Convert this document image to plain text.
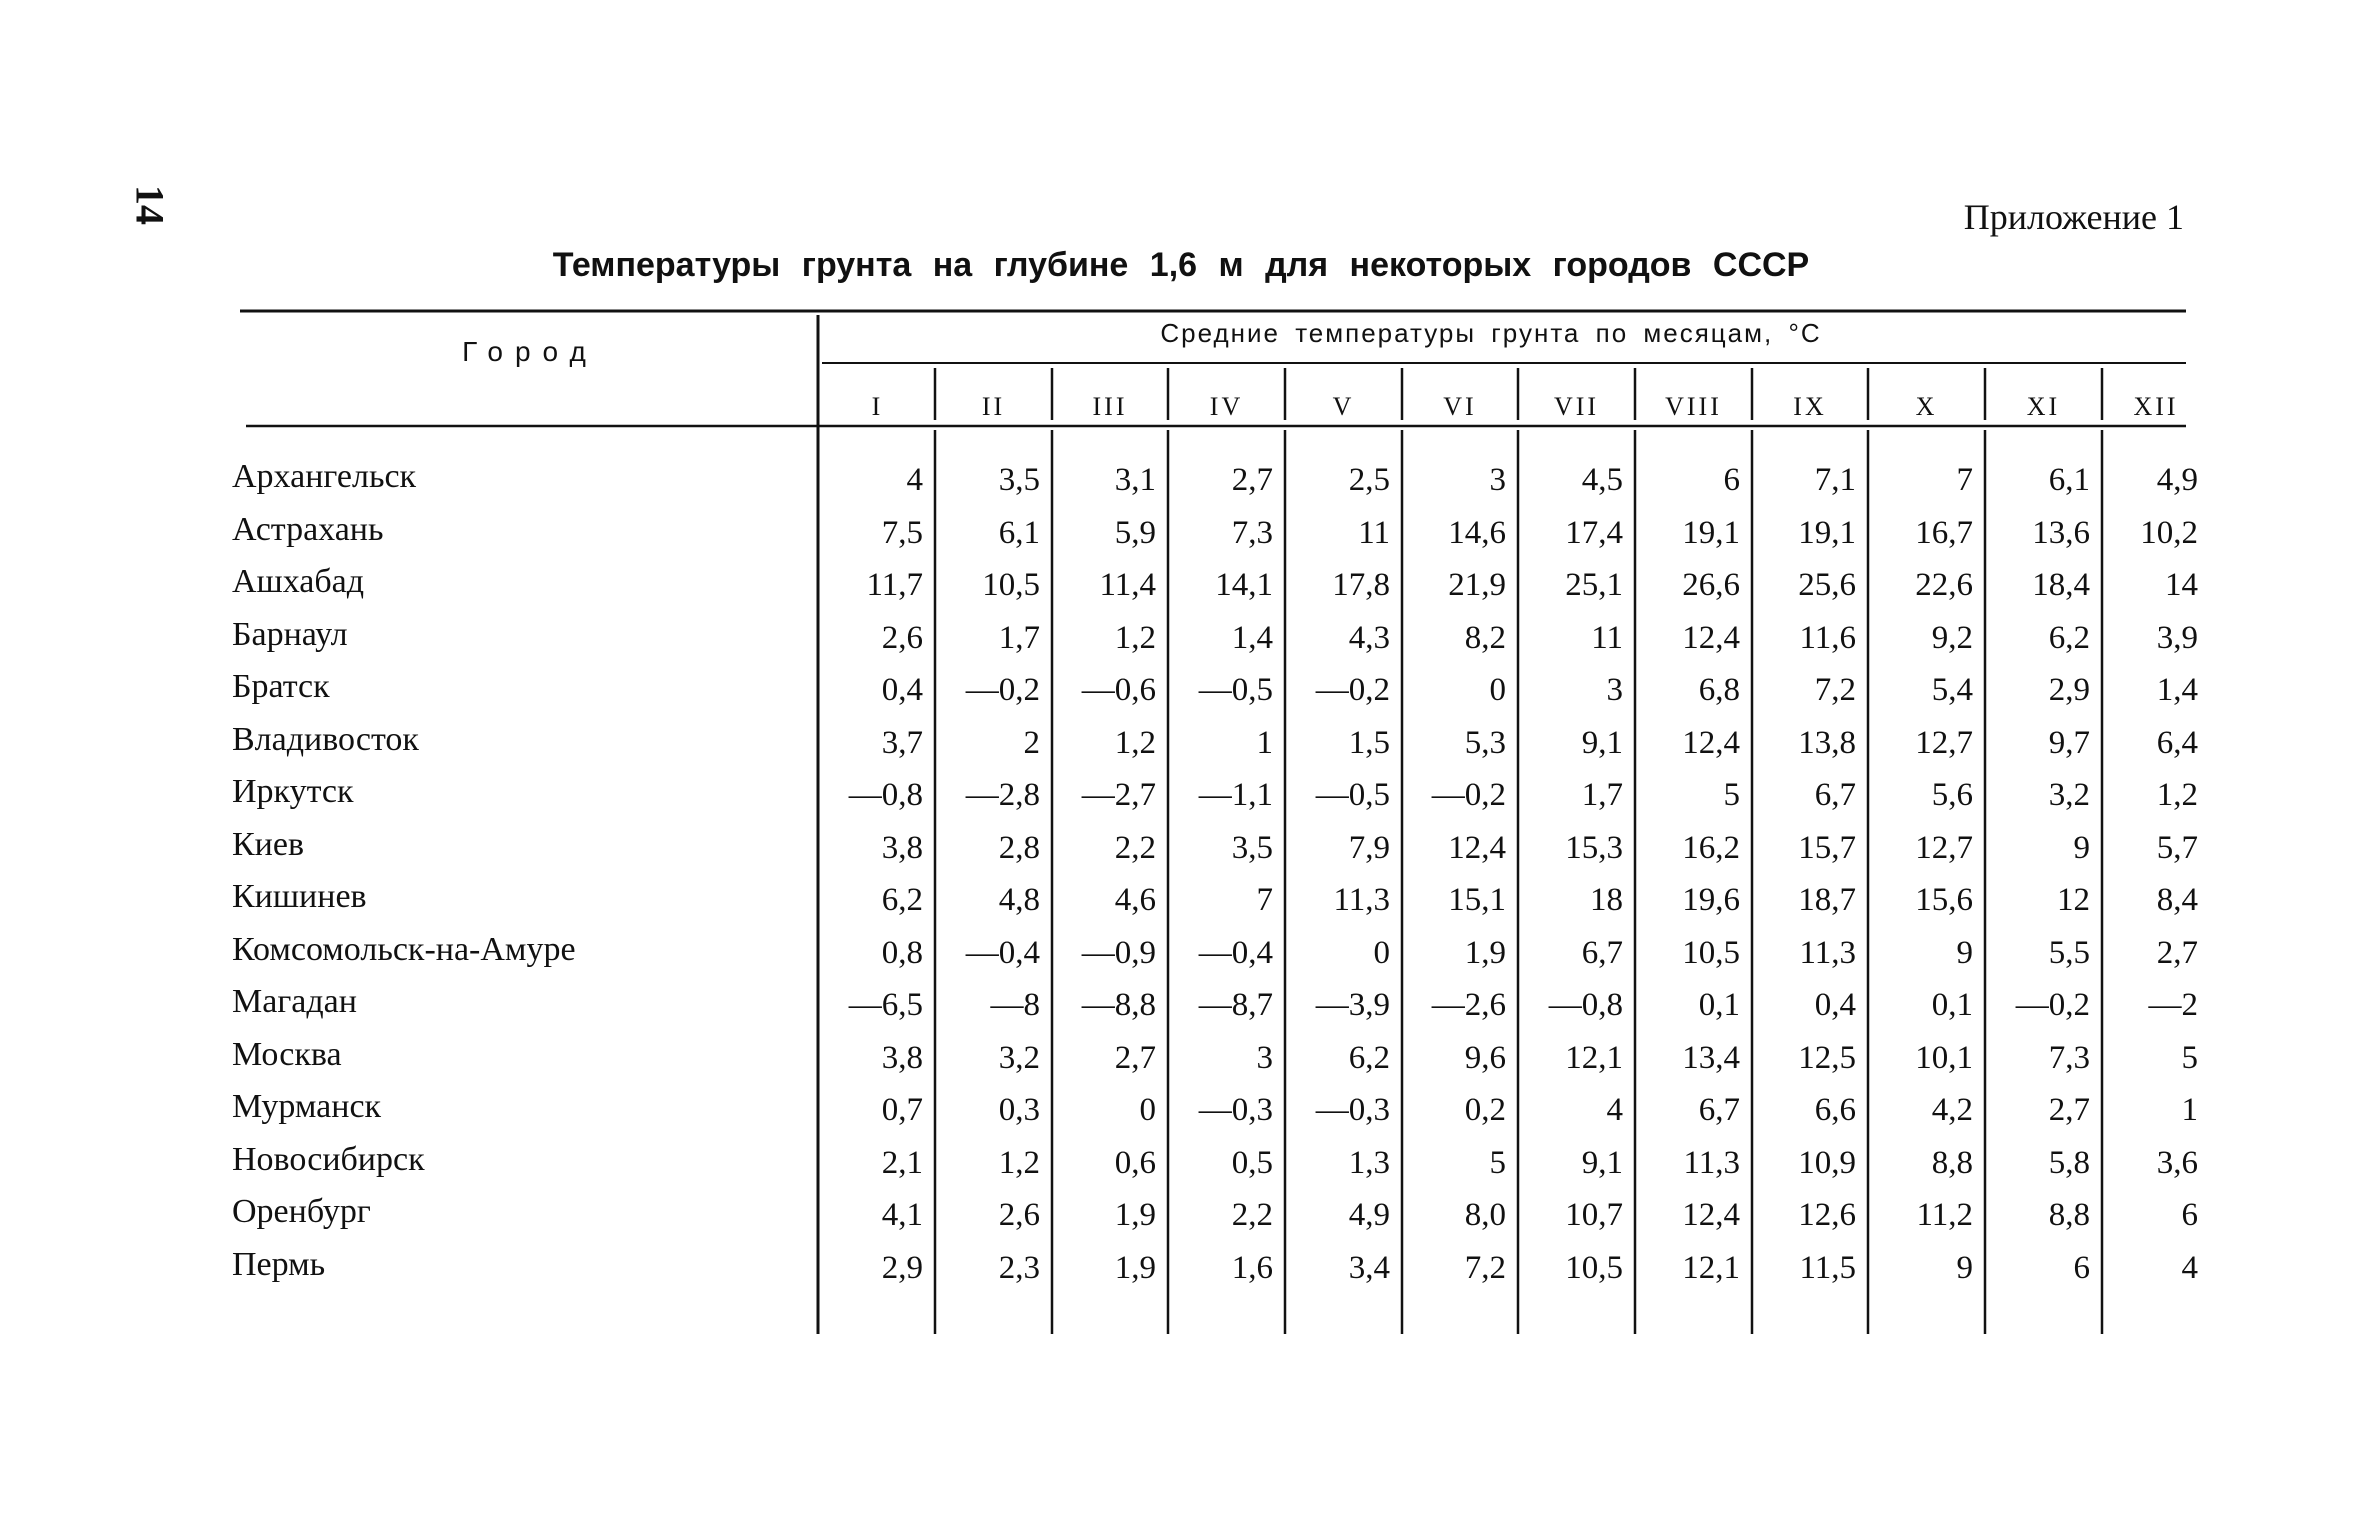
14	Приложение 1
Температуры грунта на глубине 1,6 м для некоторых городов СССР
Город
Средние температуры грунта по месяцам, °С
I	II	III	IV	V	VI	VII	VIII	IX	X	XI	XII
Архангельск	4	3,5	3,1	2,7	2,5	3	4,5	6	7,1	7	6,1	4,9
Астрахань	7,5	6,1	5,9	7,3	11	14,6	17,4	19,1	19,1	16,7	13,6	10,2
Ашхабад	11,7	10,5	11,4	14,1	17,8	21,9	25,1	26,6	25,6	22,6	18,4	14
Барнаул	2,6	1,7	1,2	1,4	4,3	8,2	11	12,4	11,6	9,2	6,2	3,9
Братск	0,4	—0,2	—0,6	—0,5	—0,2	0	3	6,8	7,2	5,4	2,9	1,4
Владивосток	3,7	2	1,2	1	1,5	5,3	9,1	12,4	13,8	12,7	9,7	6,4
Иркутск	—0,8	—2,8	—2,7	—1,1	—0,5	—0,2	1,7	5	6,7	5,6	3,2	1,2
Киев	3,8	2,8	2,2	3,5	7,9	12,4	15,3	16,2	15,7	12,7	9	5,7
Кишинев	6,2	4,8	4,6	7	11,3	15,1	18	19,6	18,7	15,6	12	8,4
Комсомольск-на-Амуре	0,8	—0,4	—0,9	—0,4	0	1,9	6,7	10,5	11,3	9	5,5	2,7
Магадан	—6,5	—8	—8,8	—8,7	—3,9	—2,6	—0,8	0,1	0,4	0,1	—0,2	—2
Москва	3,8	3,2	2,7	3	6,2	9,6	12,1	13,4	12,5	10,1	7,3	5
Мурманск	0,7	0,3	0	—0,3	—0,3	0,2	4	6,7	6,6	4,2	2,7	1
Новосибирск	2,1	1,2	0,6	0,5	1,3	5	9,1	11,3	10,9	8,8	5,8	3,6
Оренбург	4,1	2,6	1,9	2,2	4,9	8,0	10,7	12,4	12,6	11,2	8,8	6
Пермь	2,9	2,3	1,9	1,6	3,4	7,2	10,5	12,1	11,5	9	6	4
